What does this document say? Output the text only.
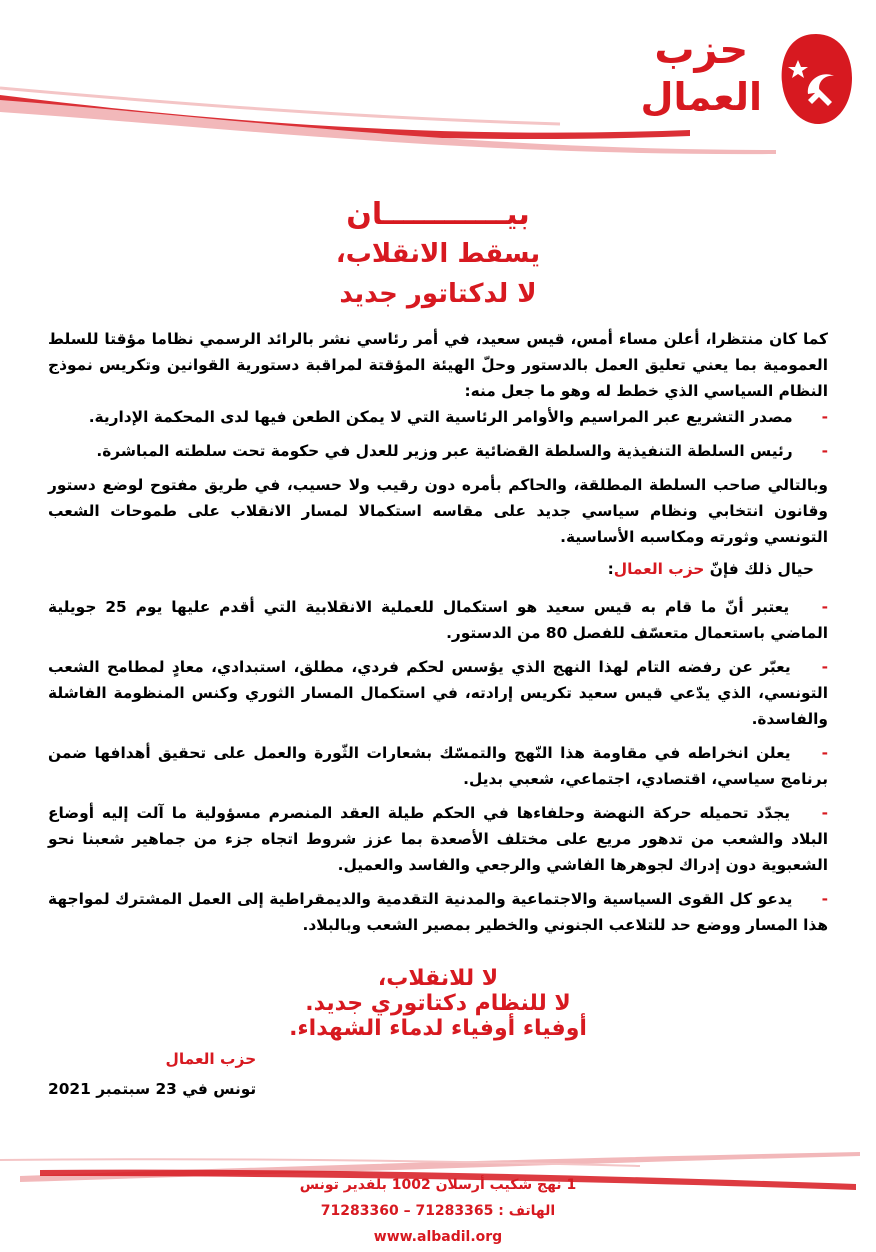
حزب
العمال
بيــــــــــــان
يسقط الانقلاب،
لا لدكتاتور جديد

كما كان منتظرا، أعلن مساء أمس، قيس سعيد، في أمر رئاسي نشر بالرائد الرسمي نظاما مؤقتا للسلط العمومية بما يعني تعليق العمل بالدستور وحلّ الهيئة المؤقتة لمراقبة دستورية القوانين وتكريس نموذج النظام السياسي الذي خطط له وهو ما جعل منه:

- مصدر التشريع عبر المراسيم والأوامر الرئاسية التي لا يمكن الطعن فيها لدى المحكمة الإدارية.

- رئيس السلطة التنفيذية والسلطة القضائية عبر وزير للعدل في حكومة تحت سلطته المباشرة.

وبالتالي صاحب السلطة المطلقة، والحاكم بأمره دون رقيب ولا حسيب، في طريق مفتوح لوضع دستور وقانون انتخابي ونظام سياسي جديد على مقاسه استكمالا لمسار الانقلاب على طموحات الشعب التونسي وثورته ومكاسبه الأساسية.

حيال ذلك فإنّ حزب العمال:

- يعتبر أنّ ما قام به قيس سعيد هو استكمال للعملية الانقلابية التي أقدم عليها يوم 25 جويلية الماضي باستعمال متعسّف للفصل 80 من الدستور.

- يعبّر عن رفضه التام لهذا النهج الذي يؤسس لحكم فردي، مطلق، استبدادي، معادٍ لمطامح الشعب التونسي، الذي يدّعي قيس سعيد تكريس إرادته، في استكمال المسار الثوري وكنس المنظومة الفاشلة والفاسدة.

- يعلن انخراطه في مقاومة هذا النّهج والتمسّك بشعارات الثّورة والعمل على تحقيق أهدافها ضمن برنامج سياسي، اقتصادي، اجتماعي، شعبي بديل.

- يجدّد تحميله حركة النهضة وحلفاءها في الحكم طيلة العقد المنصرم مسؤولية ما آلت إليه أوضاع البلاد والشعب من تدهور مريع على مختلف الأصعدة بما عزز شروط اتجاه جزء من جماهير شعبنا نحو الشعبوية دون إدراك لجوهرها الفاشي والرجعي والفاسد والعميل.

- يدعو كل القوى السياسية والاجتماعية والمدنية التقدمية والديمقراطية إلى العمل المشترك لمواجهة هذا المسار ووضع حد للتلاعب الجنوني والخطير بمصير الشعب وبالبلاد.

لا للانقلاب،
لا للنظام دكتاتوري جديد.
أوفياء أوفياء لدماء الشهداء.
حزب العمال
تونس في 23 سبتمبر 2021
1 نهج شكيب أرسلان 1002 بلفدير تونس
الهاتف : 71283365 – 71283360
www.albadil.org
